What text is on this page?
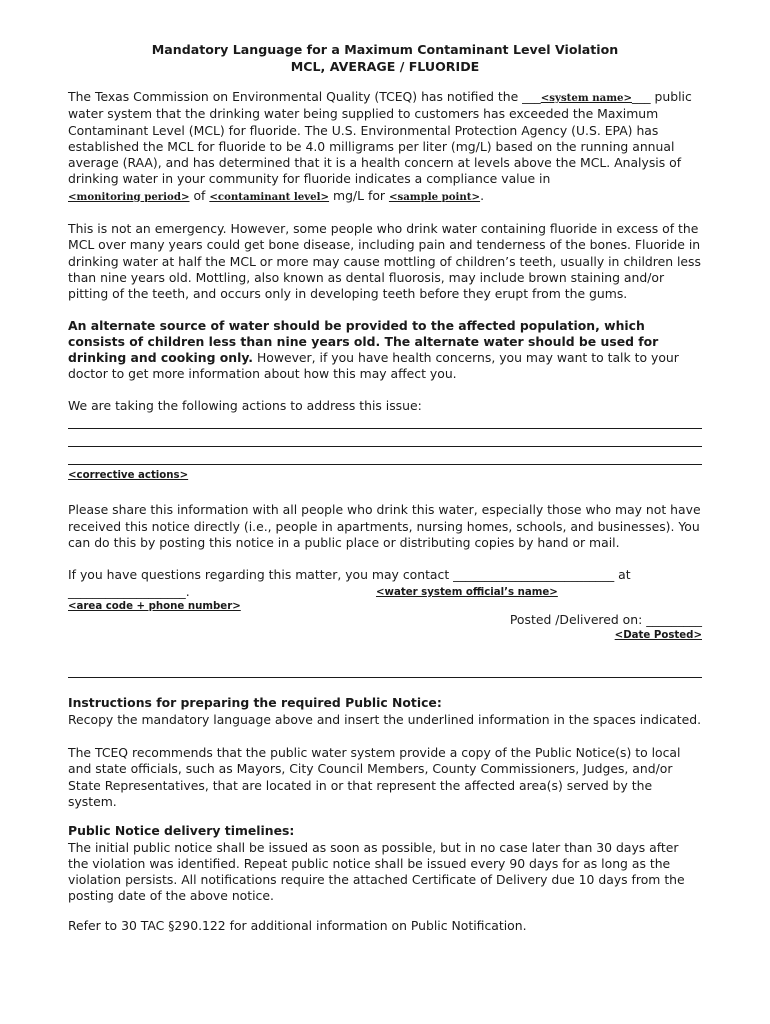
Mandatory Language for a Maximum Contaminant Level Violation
MCL, AVERAGE / FLUORIDE

The Texas Commission on Environmental Quality (TCEQ) has notified the ___<system name>___ public water system that the drinking water being supplied to customers has exceeded the Maximum Contaminant Level (MCL) for fluoride. The U.S. Environmental Protection Agency (U.S. EPA) has established the MCL for fluoride to be 4.0 milligrams per liter (mg/L) based on the running annual average (RAA), and has determined that it is a health concern at levels above the MCL. Analysis of drinking water in your community for fluoride indicates a compliance value in
<monitoring period> of <contaminant level> mg/L for <sample point>.

This is not an emergency. However, some people who drink water containing fluoride in excess of the
MCL over many years could get bone disease, including pain and tenderness of the bones. Fluoride in drinking water at half the MCL or more may cause mottling of children’s teeth, usually in children less than nine years old. Mottling, also known as dental fluorosis, may include brown staining and/or pitting of the teeth, and occurs only in developing teeth before they erupt from the gums.

An alternate source of water should be provided to the affected population, which consists of children less than nine years old. The alternate water should be used for drinking and cooking only. However, if you have health concerns, you may want to talk to your doctor to get more information about how this may affect you.

We are taking the following actions to address this issue:

<corrective actions>

Please share this information with all people who drink this water, especially those who may not have received this notice directly (i.e., people in apartments, nursing homes, schools, and businesses). You can do this by posting this notice in a public place or distributing copies by hand or mail.

If you have questions regarding this matter, you may contact __________________________ at
___________________.	<water system official’s name>
<area code + phone number>
Posted /Delivered on: _________
<Date Posted>

Instructions for preparing the required Public Notice:

Recopy the mandatory language above and insert the underlined information in the spaces indicated.

The TCEQ recommends that the public water system provide a copy of the Public Notice(s) to local and state officials, such as Mayors, City Council Members, County Commissioners, Judges, and/or State Representatives, that are located in or that represent the affected area(s) served by the system.

Public Notice delivery timelines:

The initial public notice shall be issued as soon as possible, but in no case later than 30 days after the violation was identified. Repeat public notice shall be issued every 90 days for as long as the violation persists. All notifications require the attached Certificate of Delivery due 10 days from the posting date of the above notice.

Refer to 30 TAC §290.122 for additional information on Public Notification.
